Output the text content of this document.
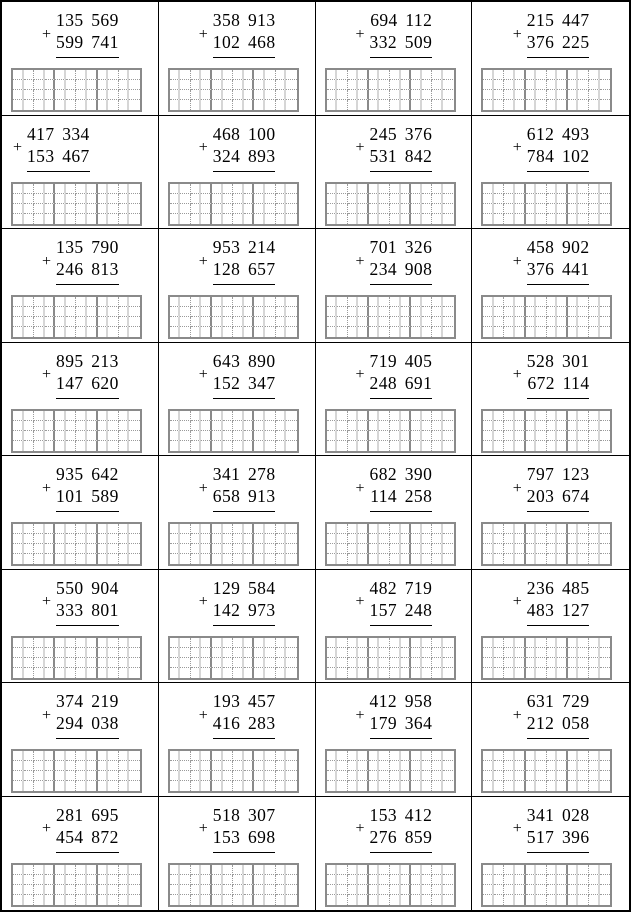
+
135 569
599 741	+
358 913
102 468	+
694 112
332 509	+
215 447
376 225
+
417 334
153 467	+
468 100
324 893	+
245 376
531 842	+
612 493
784 102
+
135 790
246 813	+
953 214
128 657	+
701 326
234 908	+
458 902
376 441
+
895 213
147 620	+
643 890
152 347	+
719 405
248 691	+
528 301
672 114
+
935 642
101 589	+
341 278
658 913	+
682 390
114 258	+
797 123
203 674
+
550 904
333 801	+
129 584
142 973	+
482 719
157 248	+
236 485
483 127
+
374 219
294 038	+
193 457
416 283	+
412 958
179 364	+
631 729
212 058
+
281 695
454 872	+
518 307
153 698	+
153 412
276 859	+
341 028
517 396
